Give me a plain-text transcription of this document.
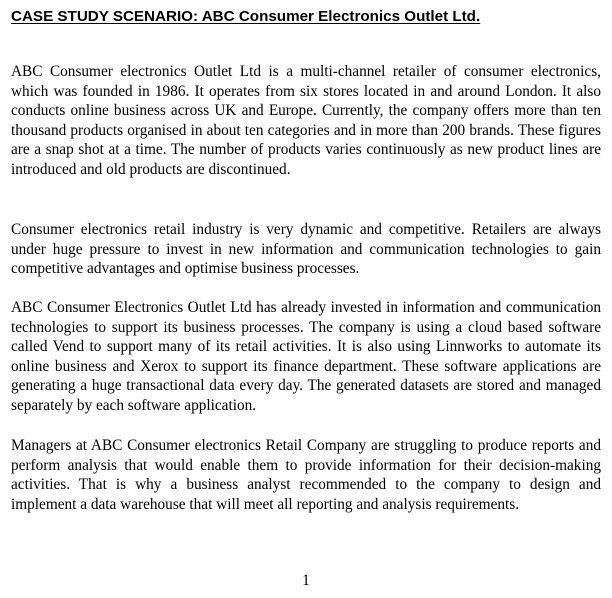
CASE STUDY SCENARIO: ABC Consumer Electronics Outlet Ltd.

ABC Consumer electronics Outlet Ltd is a multi-channel retailer of consumer electronics, which was founded in 1986. It operates from six stores located in and around London. It also conducts online business across UK and Europe. Currently, the company offers more than ten thousand products organised in about ten categories and in more than 200 brands. These figures are a snap shot at a time. The number of products varies continuously as new product lines are introduced and old products are discontinued.

Consumer electronics retail industry is very dynamic and competitive. Retailers are always under huge pressure to invest in new information and communication technologies to gain competitive advantages and optimise business processes.

ABC Consumer Electronics Outlet Ltd has already invested in information and communication technologies to support its business processes. The company is using a cloud based software called Vend to support many of its retail activities. It is also using Linnworks to automate its online business and Xerox to support its finance department. These software applications are generating a huge transactional data every day. The generated datasets are stored and managed separately by each software application.

Managers at ABC Consumer electronics Retail Company are struggling to produce reports and perform analysis that would enable them to provide information for their decision-making activities. That is why a business analyst recommended to the company to design and implement a data warehouse that will meet all reporting and analysis requirements.

1
